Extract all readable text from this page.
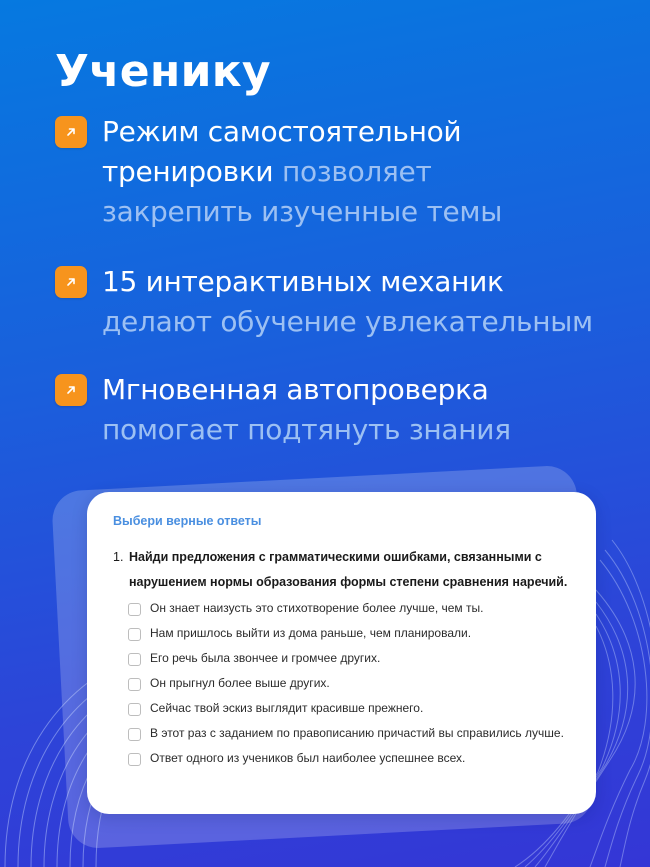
Ученику
Режим самостоятельной
тренировки позволяет
закрепить изученные темы
15 интерактивных механик
делают обучение увлекательным
Мгновенная автопроверка
помогает подтянуть знания
Выбери верные ответы
1. Найди предложения с грамматическими ошибками, связанными с нарушением нормы образования формы степени сравнения наречий.
Он знает наизусть это стихотворение более лучше, чем ты.
Нам пришлось выйти из дома раньше, чем планировали.
Его речь была звончее и громчее других.
Он прыгнул более выше других.
Сейчас твой эскиз выглядит красивше прежнего.
В этот раз с заданием по правописанию причастий вы справились лучше.
Ответ одного из учеников был наиболее успешнее всех.
